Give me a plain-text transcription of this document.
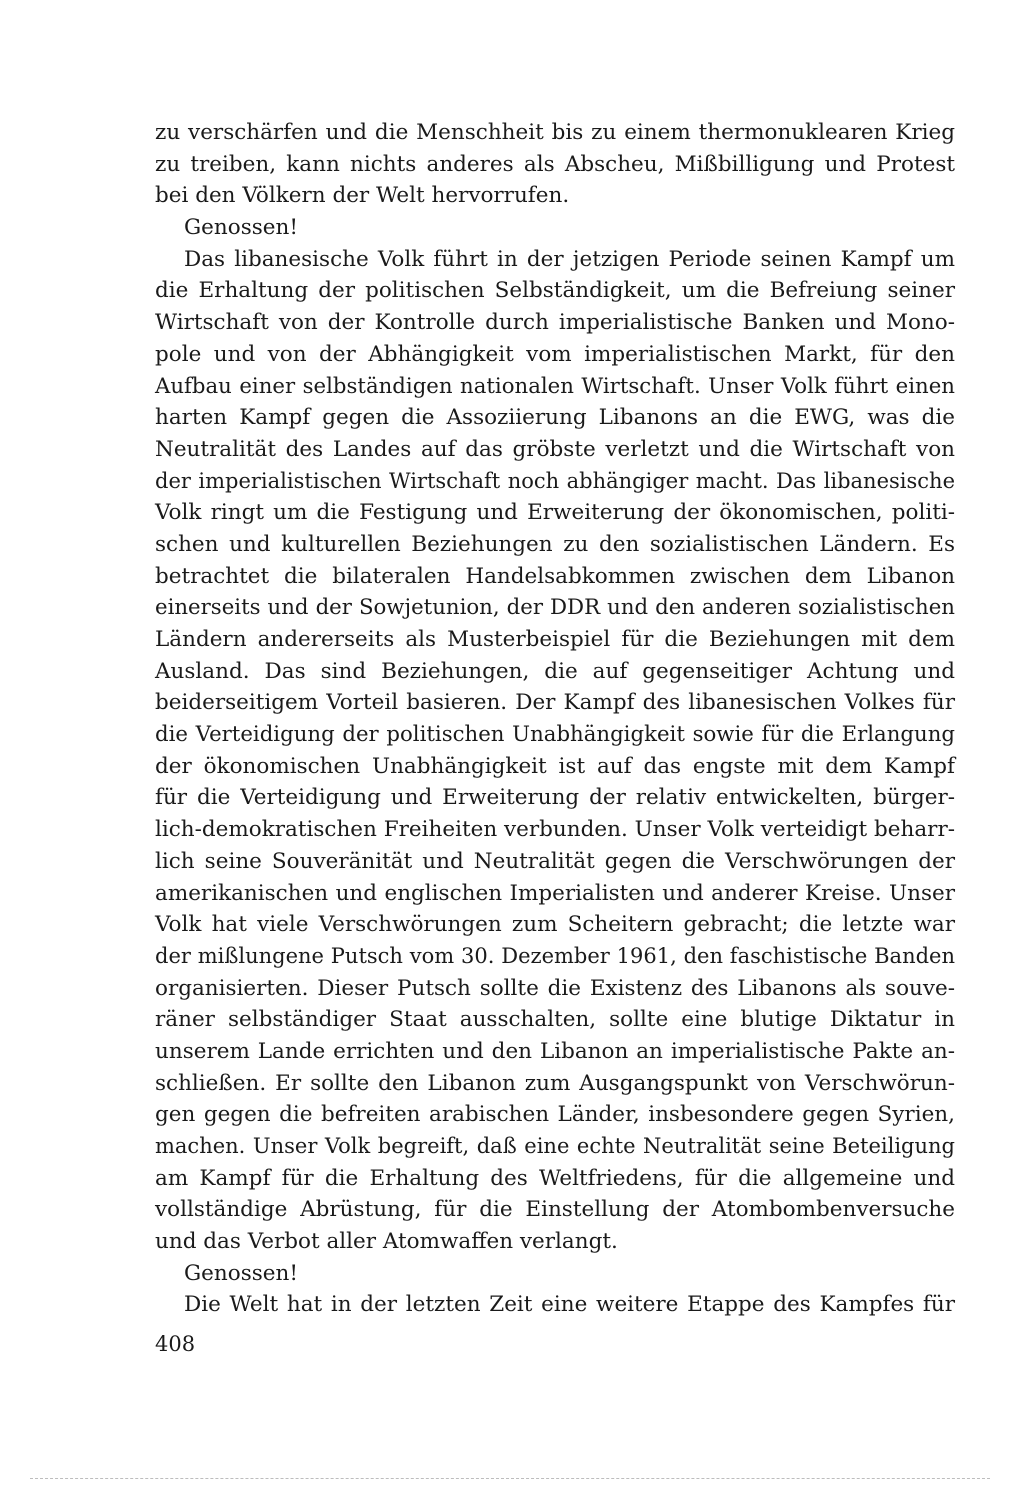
zu verschärfen und die Menschheit bis zu einem thermonuklearen Krieg
zu treiben, kann nichts anderes als Abscheu, Mißbilligung und Protest
bei den Völkern der Welt hervorrufen.
Genossen!
Das libanesische Volk führt in der jetzigen Periode seinen Kampf um
die Erhaltung der politischen Selbständigkeit, um die Befreiung seiner
Wirtschaft von der Kontrolle durch imperialistische Banken und Mono-
pole und von der Abhängigkeit vom imperialistischen Markt, für den
Aufbau einer selbständigen nationalen Wirtschaft. Unser Volk führt einen
harten Kampf gegen die Assoziierung Libanons an die EWG, was die
Neutralität des Landes auf das gröbste verletzt und die Wirtschaft von
der imperialistischen Wirtschaft noch abhängiger macht. Das libanesische
Volk ringt um die Festigung und Erweiterung der ökonomischen, politi-
schen und kulturellen Beziehungen zu den sozialistischen Ländern. Es
betrachtet die bilateralen Handelsabkommen zwischen dem Libanon
einerseits und der Sowjetunion, der DDR und den anderen sozialistischen
Ländern andererseits als Musterbeispiel für die Beziehungen mit dem
Ausland. Das sind Beziehungen, die auf gegenseitiger Achtung und
beiderseitigem Vorteil basieren. Der Kampf des libanesischen Volkes für
die Verteidigung der politischen Unabhängigkeit sowie für die Erlangung
der ökonomischen Unabhängigkeit ist auf das engste mit dem Kampf
für die Verteidigung und Erweiterung der relativ entwickelten, bürger-
lich-demokratischen Freiheiten verbunden. Unser Volk verteidigt beharr-
lich seine Souveränität und Neutralität gegen die Verschwörungen der
amerikanischen und englischen Imperialisten und anderer Kreise. Unser
Volk hat viele Verschwörungen zum Scheitern gebracht; die letzte war
der mißlungene Putsch vom 30. Dezember 1961, den faschistische Banden
organisierten. Dieser Putsch sollte die Existenz des Libanons als souve-
räner selbständiger Staat ausschalten, sollte eine blutige Diktatur in
unserem Lande errichten und den Libanon an imperialistische Pakte an-
schließen. Er sollte den Libanon zum Ausgangspunkt von Verschwörun-
gen gegen die befreiten arabischen Länder, insbesondere gegen Syrien,
machen. Unser Volk begreift, daß eine echte Neutralität seine Beteiligung
am Kampf für die Erhaltung des Weltfriedens, für die allgemeine und
vollständige Abrüstung, für die Einstellung der Atombombenversuche
und das Verbot aller Atomwaffen verlangt.
Genossen!
Die Welt hat in der letzten Zeit eine weitere Etappe des Kampfes für
408
